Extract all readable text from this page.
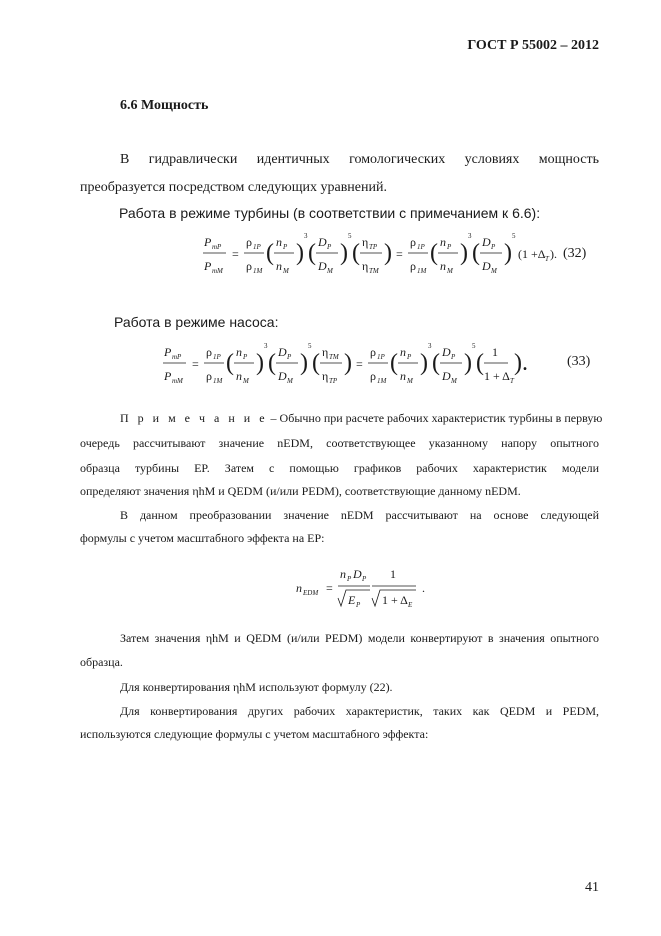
ГОСТ Р 55002 – 2012
6.6 Мощность
В гидравлически идентичных гомологических условиях мощность
преобразуется посредством следующих уравнений.
Работа в режиме турбины (в соответствии с примечанием к 6.6):
P mP
P mM
=
ρ 1P
ρ 1M
( n P
n M
)
3
( D P
D M
)
5
( η TP
η TM
) =
ρ 1P
ρ 1M
( n P
n M
)
3
( D P
D M
)
5
(1 +Δ T ). (32)
Работа в режиме насоса:
P mP
P mM
=
ρ 1P
ρ 1M
( n P
n M
)
3
( D P
D M
)
5
( η TM
η TP
) =
ρ 1P
ρ 1M
( n P
n M
)
3
( D P
D M
)
5
( 1
1 + Δ T
).	(33)
П р и м е ч а н и е – Обычно при расчете рабочих характеристик турбины в первую
очередь рассчитывают значение nEDM, соответствующее указанному напору опытного
образца турбины EP. Затем с помощью графиков рабочих характеристик модели
определяют значения ηhM и QEDM (и/или PEDM), соответствующие данному nEDM.
В данном преобразовании значение nEDM рассчитывают на основе следующей
формулы с учетом масштабного эффекта на EP:
n EDM =
n P D P
E P
1
1 + Δ E
.
Затем значения ηhM и QEDM (и/или PEDM) модели конвертируют в значения опытного
образца.
Для конвертирования ηhM используют формулу (22).
Для конвертирования других рабочих характеристик, таких как QEDM и PEDM,
используются следующие формулы с учетом масштабного эффекта:
41
